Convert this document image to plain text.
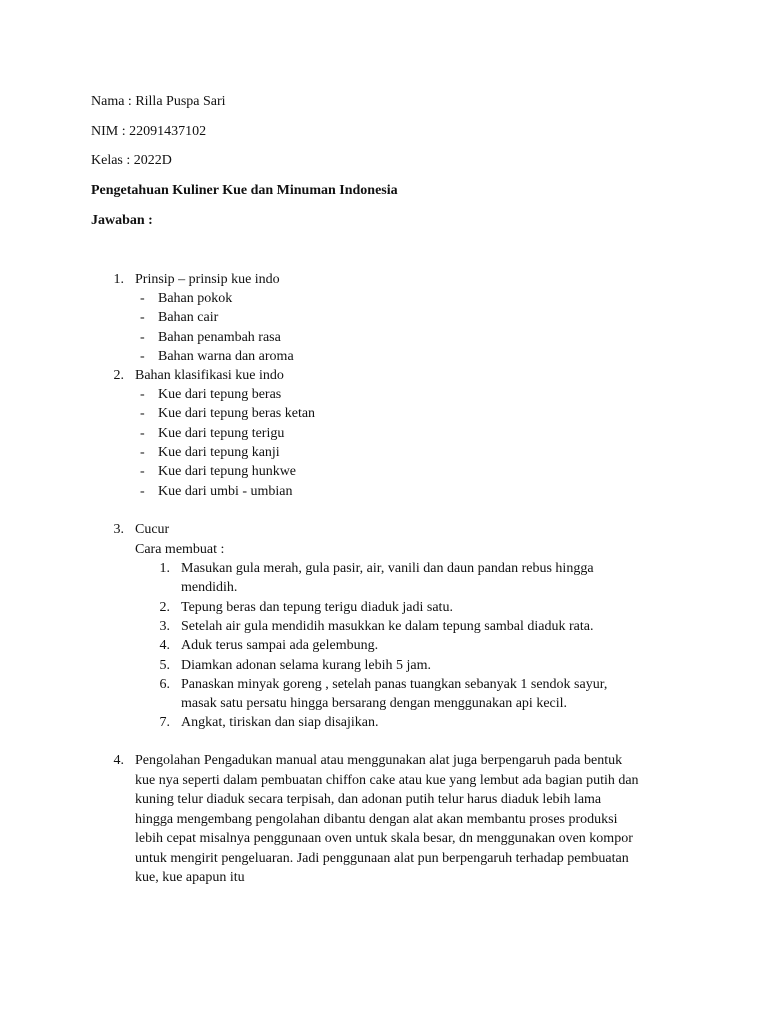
Nama : Rilla Puspa Sari
NIM : 22091437102
Kelas : 2022D
Pengetahuan Kuliner Kue dan Minuman Indonesia
Jawaban :
1. Prinsip – prinsip kue indo
2. Bahan klasifikasi kue indo
3. Cucur
Cara membuat :
4.
- Bahan pokok
- Bahan cair
- Bahan penambah rasa
- Bahan warna dan aroma
- Kue dari tepung beras
- Kue dari tepung beras ketan
- Kue dari tepung terigu
- Kue dari tepung kanji
- Kue dari tepung hunkwe
- Kue dari umbi - umbian
1. Masukan gula merah, gula pasir, air, vanili dan daun pandan rebus hingga
mendidih.
2. Tepung beras dan tepung terigu diaduk jadi satu.
3. Setelah air gula mendidih masukkan ke dalam tepung sambal diaduk rata.
4. Aduk terus sampai ada gelembung.
5. Diamkan adonan selama kurang lebih 5 jam.
6. Panaskan minyak goreng , setelah panas tuangkan sebanyak 1 sendok sayur,
masak satu persatu hingga bersarang dengan menggunakan api kecil.
7. Angkat, tiriskan dan siap disajikan.
Pengolahan Pengadukan manual atau menggunakan alat juga berpengaruh pada bentuk
kue nya seperti dalam pembuatan chiffon cake atau kue yang lembut ada bagian putih dan
kuning telur diaduk secara terpisah, dan adonan putih telur harus diaduk lebih lama
hingga mengembang pengolahan dibantu dengan alat akan membantu proses produksi
lebih cepat misalnya penggunaan oven untuk skala besar, dn menggunakan oven kompor
untuk mengirit pengeluaran. Jadi penggunaan alat pun berpengaruh terhadap pembuatan
kue, kue apapun itu
